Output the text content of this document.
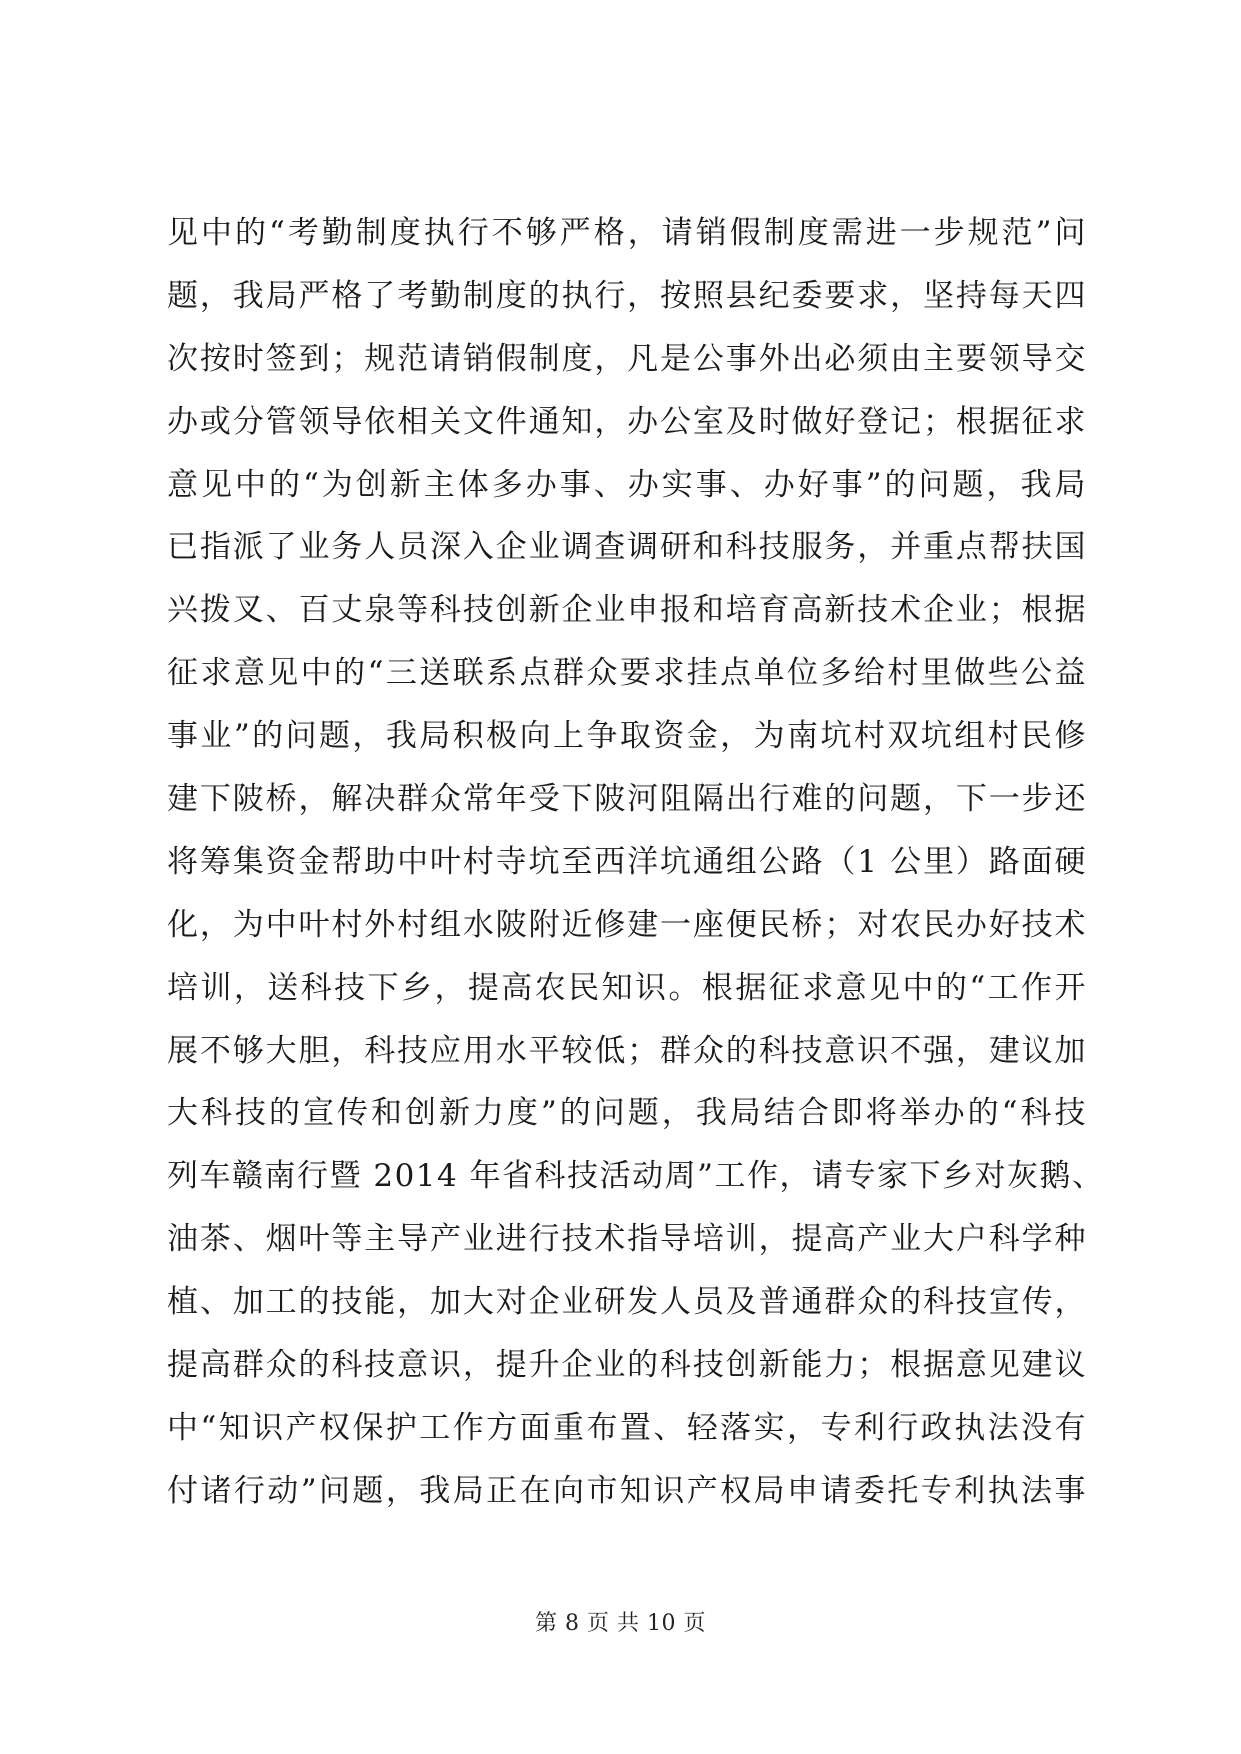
见中的“考勤制度执行不够严格，请销假制度需进一步规范”问
题，我局严格了考勤制度的执行，按照县纪委要求，坚持每天四
次按时签到；规范请销假制度，凡是公事外出必须由主要领导交
办或分管领导依相关文件通知，办公室及时做好登记；根据征求
意见中的“为创新主体多办事、办实事、办好事”的问题，我局
已指派了业务人员深入企业调查调研和科技服务，并重点帮扶国
兴拨叉、百丈泉等科技创新企业申报和培育高新技术企业；根据
征求意见中的“三送联系点群众要求挂点单位多给村里做些公益
事业”的问题，我局积极向上争取资金，为南坑村双坑组村民修
建下陂桥，解决群众常年受下陂河阻隔出行难的问题，下一步还
将筹集资金帮助中叶村寺坑至西洋坑通组公路（1 公里）路面硬
化，为中叶村外村组水陂附近修建一座便民桥；对农民办好技术
培训，送科技下乡，提高农民知识。根据征求意见中的“工作开
展不够大胆，科技应用水平较低；群众的科技意识不强，建议加
大科技的宣传和创新力度”的问题，我局结合即将举办的“科技
列车赣南行暨 2014 年省科技活动周”工作，请专家下乡对灰鹅、
油茶、烟叶等主导产业进行技术指导培训，提高产业大户科学种
植、加工的技能，加大对企业研发人员及普通群众的科技宣传，
提高群众的科技意识，提升企业的科技创新能力；根据意见建议
中“知识产权保护工作方面重布置、轻落实，专利行政执法没有
付诸行动”问题，我局正在向市知识产权局申请委托专利执法事
第 8 页 共 10 页
